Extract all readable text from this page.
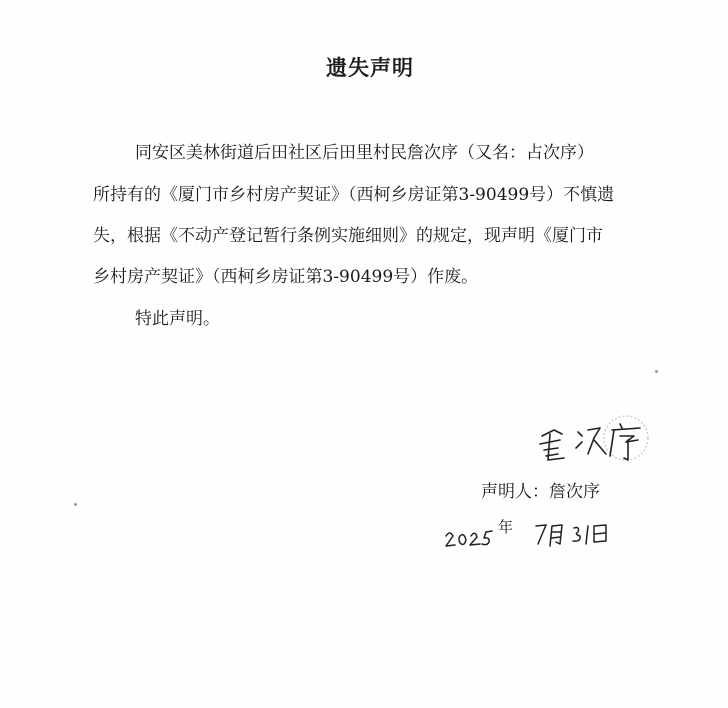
遗失声明
同安区美林街道后田社区后田里村民詹次序（又名：占次序）
所持有的《厦门市乡村房产契证》（西柯乡房证第3-90499号）不慎遗
失，根据《不动产登记暂行条例实施细则》的规定，现声明《厦门市
乡村房产契证》（西柯乡房证第3-90499号）作废。
特此声明。
声明人：詹次序
年
